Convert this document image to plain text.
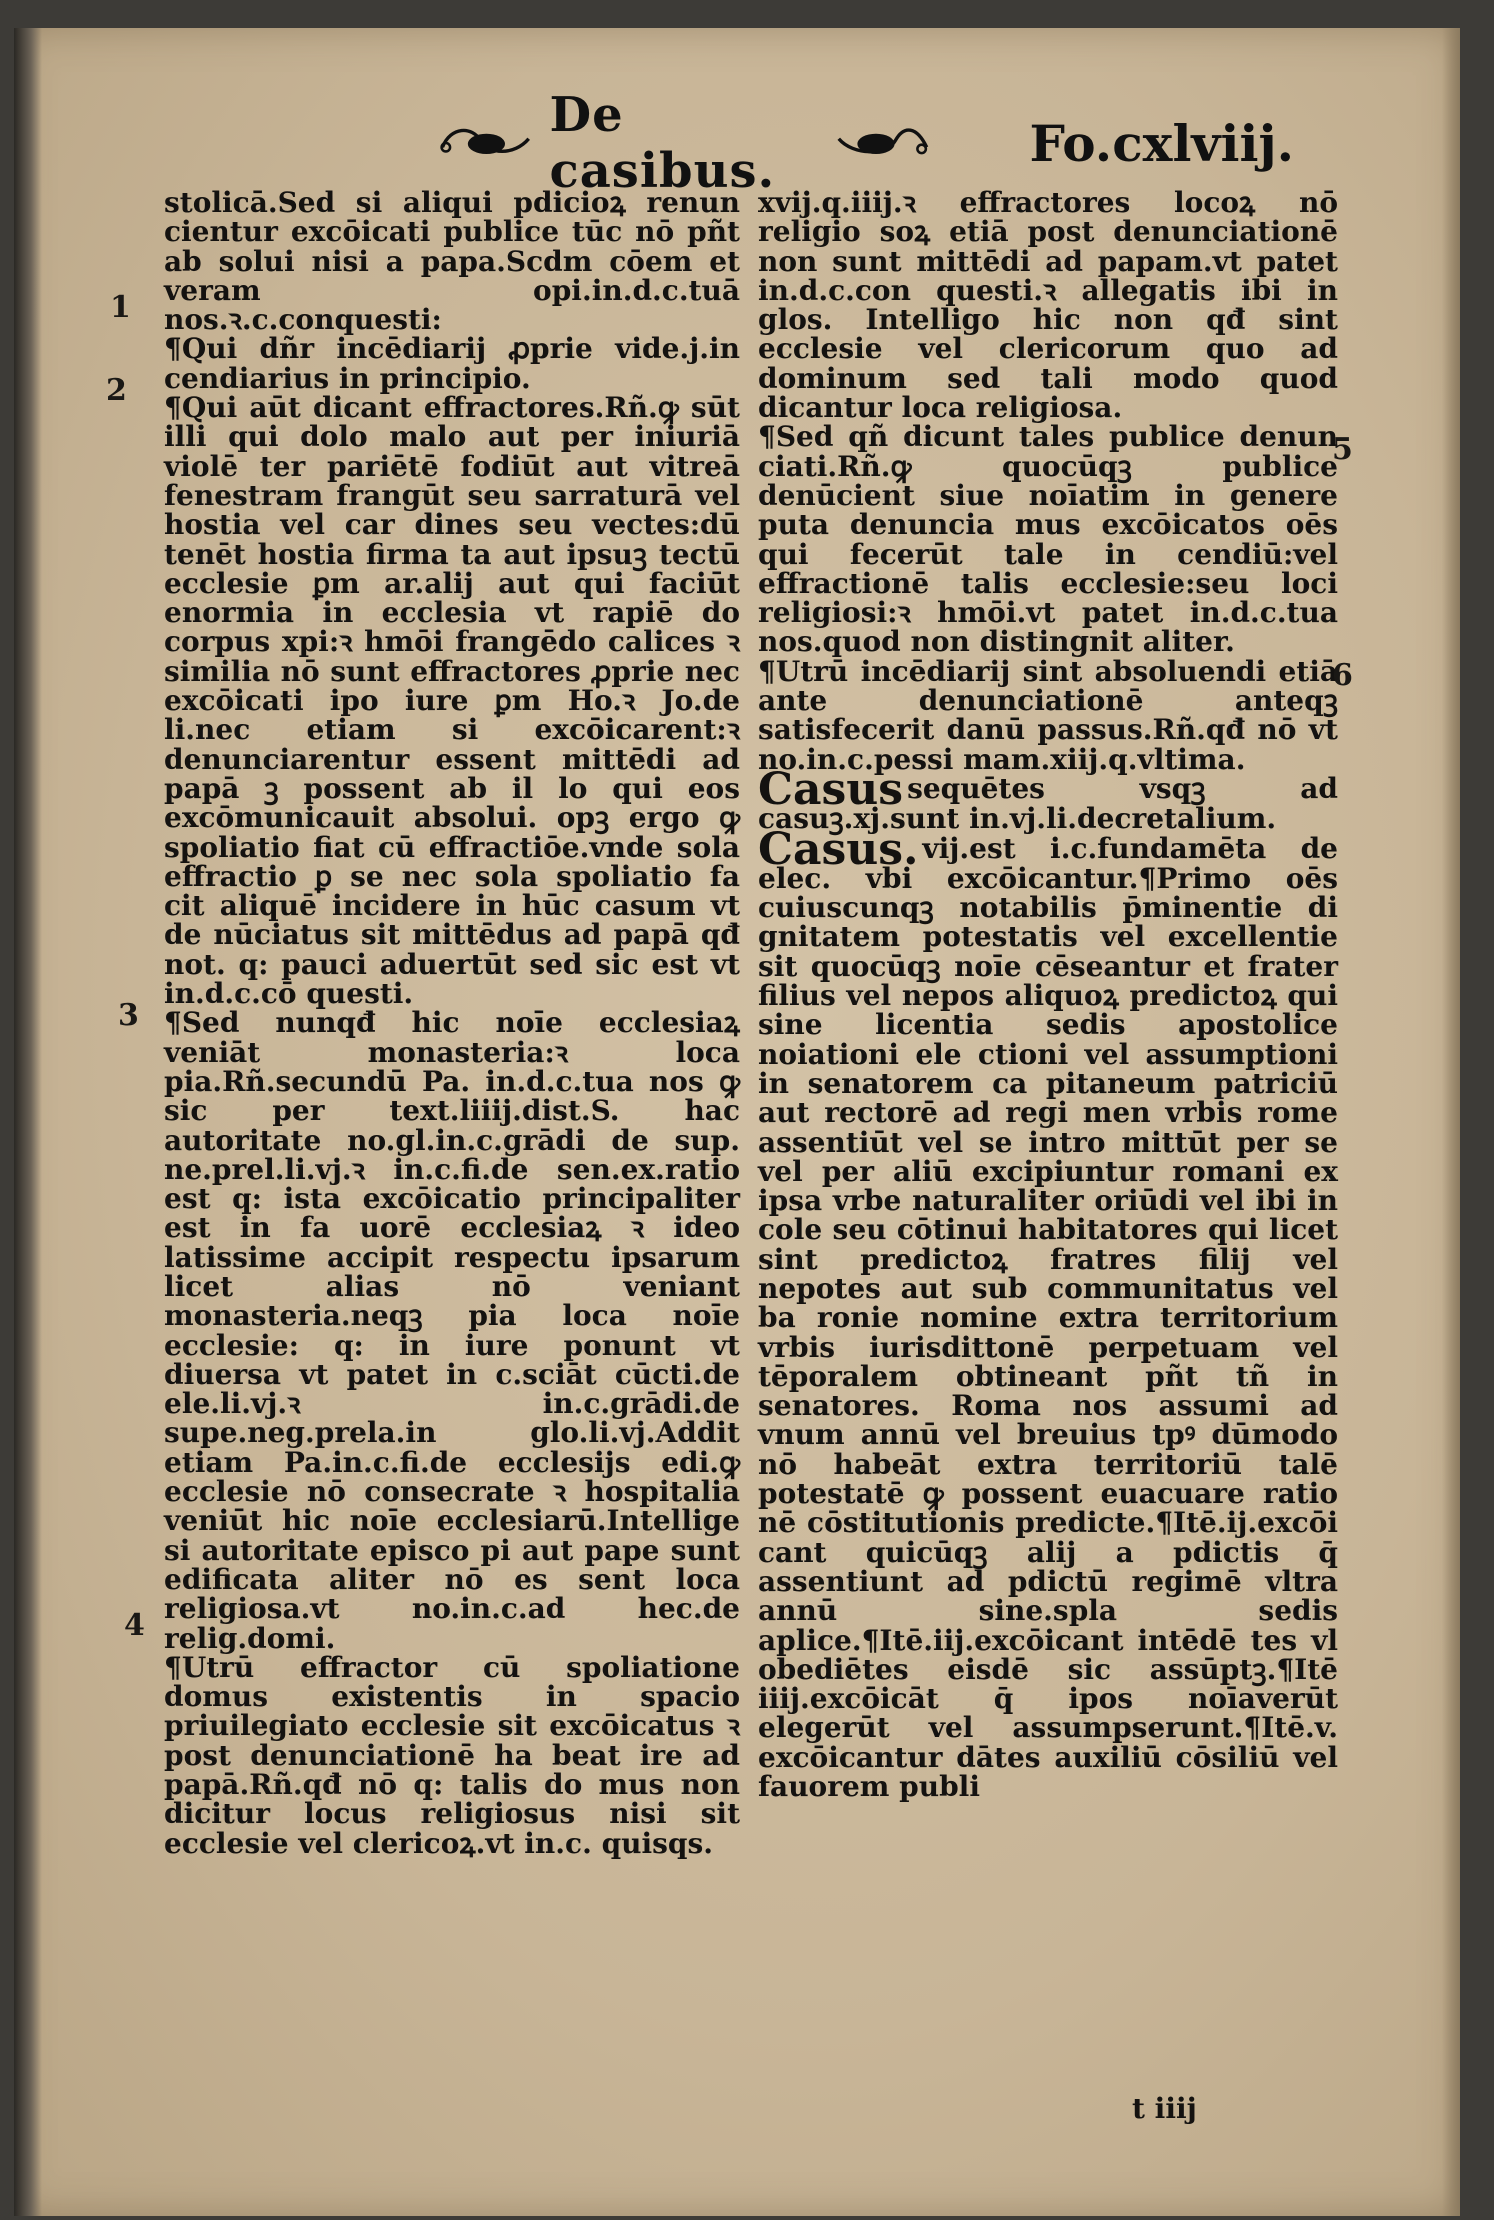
De casibus.	Fo.cxlviij.

stolicā.Sed si aliqui pdicioꝝ renun cientur excōicati publice tūc nō pñt ab solui nisi a papa.Scdm cōem et veram opi.in.d.c.tuā nos.ꝛ.c.conquesti:

¶Qui dñr incēdiarij ꝓprie vide.j.in cendiarius in principio.

¶Qui aūt dicant effractores.Rñ.ꝙ sūt illi qui dolo malo aut per iniuriā violē ter pariētē fodiūt aut vitreā fenestram frangūt seu sarraturā vel hostia vel car dines seu vectes:dū tenēt hostia firma ta aut ipsuꝫ tectū ecclesie ꝑm ar.alij aut qui faciūt enormia in ecclesia vt rapiē do corpus xpi:ꝛ hmōi frangēdo calices ꝛ similia nō sunt effractores ꝓprie nec excōicati ipo iure ꝑm Ho.ꝛ Jo.de li.nec etiam si excōicarent:ꝛ denunciarentur essent mittēdi ad papā ꝫ possent ab il lo qui eos excōmunicauit absolui. opꝫ ergo ꝙ spoliatio fiat cū effractiōe.vnde sola effractio ꝑ se nec sola spoliatio fa cit aliquē incidere in hūc casum vt de nūciatus sit mittēdus ad papā qđ not. q: pauci aduertūt sed sic est vt in.d.c.cō questi.

¶Sed nunqđ hic noīe ecclesiaꝝ veniāt monasteria:ꝛ loca pia.Rñ.secundū Pa. in.d.c.tua nos ꝙ sic per text.liiij.dist.S. hac autoritate no.gl.in.c.grādi de sup. ne.prel.li.vj.ꝛ in.c.fi.de sen.ex.ratio est q: ista excōicatio principaliter est in fa uorē ecclesiaꝝ ꝛ ideo latissime accipit respectu ipsarum licet alias nō veniant monasteria.neqꝫ pia loca noīe ecclesie: q: in iure ponunt vt diuersa vt patet in c.sciāt cūcti.de ele.li.vj.ꝛ in.c.grādi.de supe.neg.prela.in glo.li.vj.Addit etiam Pa.in.c.fi.de ecclesijs edi.ꝙ ecclesie nō consecrate ꝛ hospitalia veniūt hic noīe ecclesiarū.Intellige si autoritate episco pi aut pape sunt edificata aliter nō es sent loca religiosa.vt no.in.c.ad hec.de relig.domi.

¶Utrū effractor cū spoliatione domus existentis in spacio priuilegiato ecclesie sit excōicatus ꝛ post denunciationē ha beat ire ad papā.Rñ.qđ nō q: talis do mus non dicitur locus religiosus nisi sit ecclesie vel clericoꝝ.vt in.c. quisqs.

xvij.q.iiij.ꝛ effractores locoꝝ nō religio soꝝ etiā post denunciationē non sunt mittēdi ad papam.vt patet in.d.c.con questi.ꝛ allegatis ibi in glos. Intelligo hic non qđ sint ecclesie vel clericorum quo ad dominum sed tali modo quod dicantur loca religiosa.

¶Sed qñ dicunt tales publice denun ciati.Rñ.ꝙ quocūqꝫ publice denūcient siue noīatim in genere puta denuncia mus excōicatos oēs qui fecerūt tale in cendiū:vel effractionē talis ecclesie:seu loci religiosi:ꝛ hmōi.vt patet in.d.c.tua nos.quod non distingnit aliter.

¶Utrū incēdiarij sint absoluendi etiā ante denunciationē anteqꝫ satisfecerit danū passus.Rñ.qđ nō vt no.in.c.pessi mam.xiij.q.vltima.

Casus sequētes vsqꝫ ad casuꝫ.xj.sunt in.vj.li.decretalium.

Casus. vij.est i.c.fundamēta de elec. vbi excōicantur.¶Primo oēs cuiuscunqꝫ notabilis p̄minentie di gnitatem potestatis vel excellentie sit quocūqꝫ noīe cēseantur et frater filius vel nepos aliquoꝝ predictoꝝ qui sine licentia sedis apostolice noiationi ele ctioni vel assumptioni in senatorem ca pitaneum patriciū aut rectorē ad regi men vrbis rome assentiūt vel se intro mittūt per se vel per aliū excipiuntur romani ex ipsa vrbe naturaliter oriūdi vel ibi in cole seu cōtinui habitatores qui licet sint predictoꝝ fratres filij vel nepotes aut sub communitatus vel ba ronie nomine extra territorium vrbis iurisdittonē perpetuam vel tēporalem obtineant pñt tñ in senatores. Roma nos assumi ad vnum annū vel breuius tpꝰ dūmodo nō habeāt extra territoriū talē potestatē ꝙ possent euacuare ratio nē cōstitutionis predicte.¶Itē.ij.excōi cant quicūqꝫ alij a pdictis q̄ assentiunt ad pdictū regimē vltra annū sine.spla sedis aplice.¶Itē.iij.excōicant intēdē tes vl obediētes eisdē sic assūptꝫ.¶Itē iiij.excōicāt q̄ ipos noīaverūt elegerūt vel assumpserunt.¶Itē.v. excōicantur dātes auxiliū cōsiliū vel fauorem publi

1
2
3
4
5
6
t iiij
